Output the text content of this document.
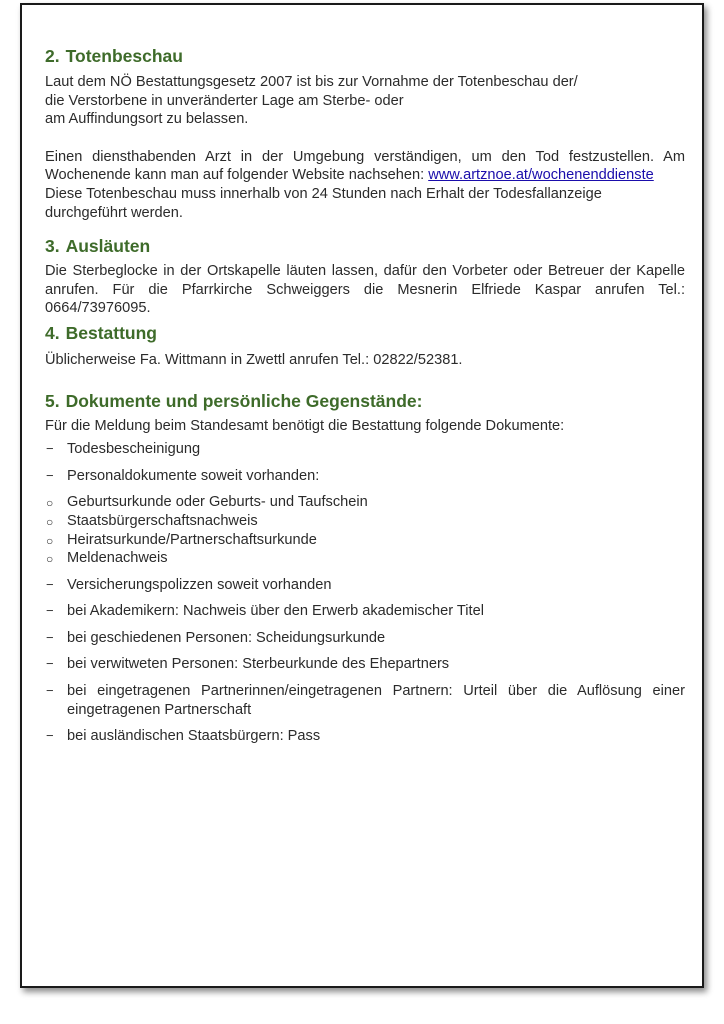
2. Totenbeschau

Laut dem NÖ Bestattungsgesetz 2007 ist bis zur Vornahme der Totenbeschau der/
die Verstorbene in unveränderter Lage am Sterbe- oder
am Auffindungsort zu belassen.

Einen diensthabenden Arzt in der Umgebung verständigen, um den Tod festzustellen. Am Wochenende kann man auf folgender Website nachsehen: www.artznoe.at/wochenenddienste

Diese Totenbeschau muss innerhalb von 24 Stunden nach Erhalt der Todesfallanzeige durchgeführt werden.

3. Ausläuten

Die Sterbeglocke in der Ortskapelle läuten lassen, dafür den Vorbeter oder Betreuer der Kapelle anrufen. Für die Pfarrkirche Schweiggers die Mesnerin Elfriede Kaspar anrufen Tel.: 0664/73976095.

4. Bestattung

Üblicherweise Fa. Wittmann in Zwettl anrufen Tel.: 02822/52381.

5. Dokumente und persönliche Gegenstände:

Für die Meldung beim Standesamt benötigt die Bestattung folgende Dokumente:

− Todesbescheinigung
− Personaldokumente soweit vorhanden:
○ Geburtsurkunde oder Geburts- und Taufschein
○ Staatsbürgerschaftsnachweis
○ Heiratsurkunde/Partnerschaftsurkunde
○ Meldenachweis
− Versicherungspolizzen soweit vorhanden
− bei Akademikern: Nachweis über den Erwerb akademischer Titel
− bei geschiedenen Personen: Scheidungsurkunde
− bei verwitweten Personen: Sterbeurkunde des Ehepartners
− bei eingetragenen Partnerinnen/eingetragenen Partnern: Urteil über die Auflösung einer eingetragenen Partnerschaft
− bei ausländischen Staatsbürgern: Pass
